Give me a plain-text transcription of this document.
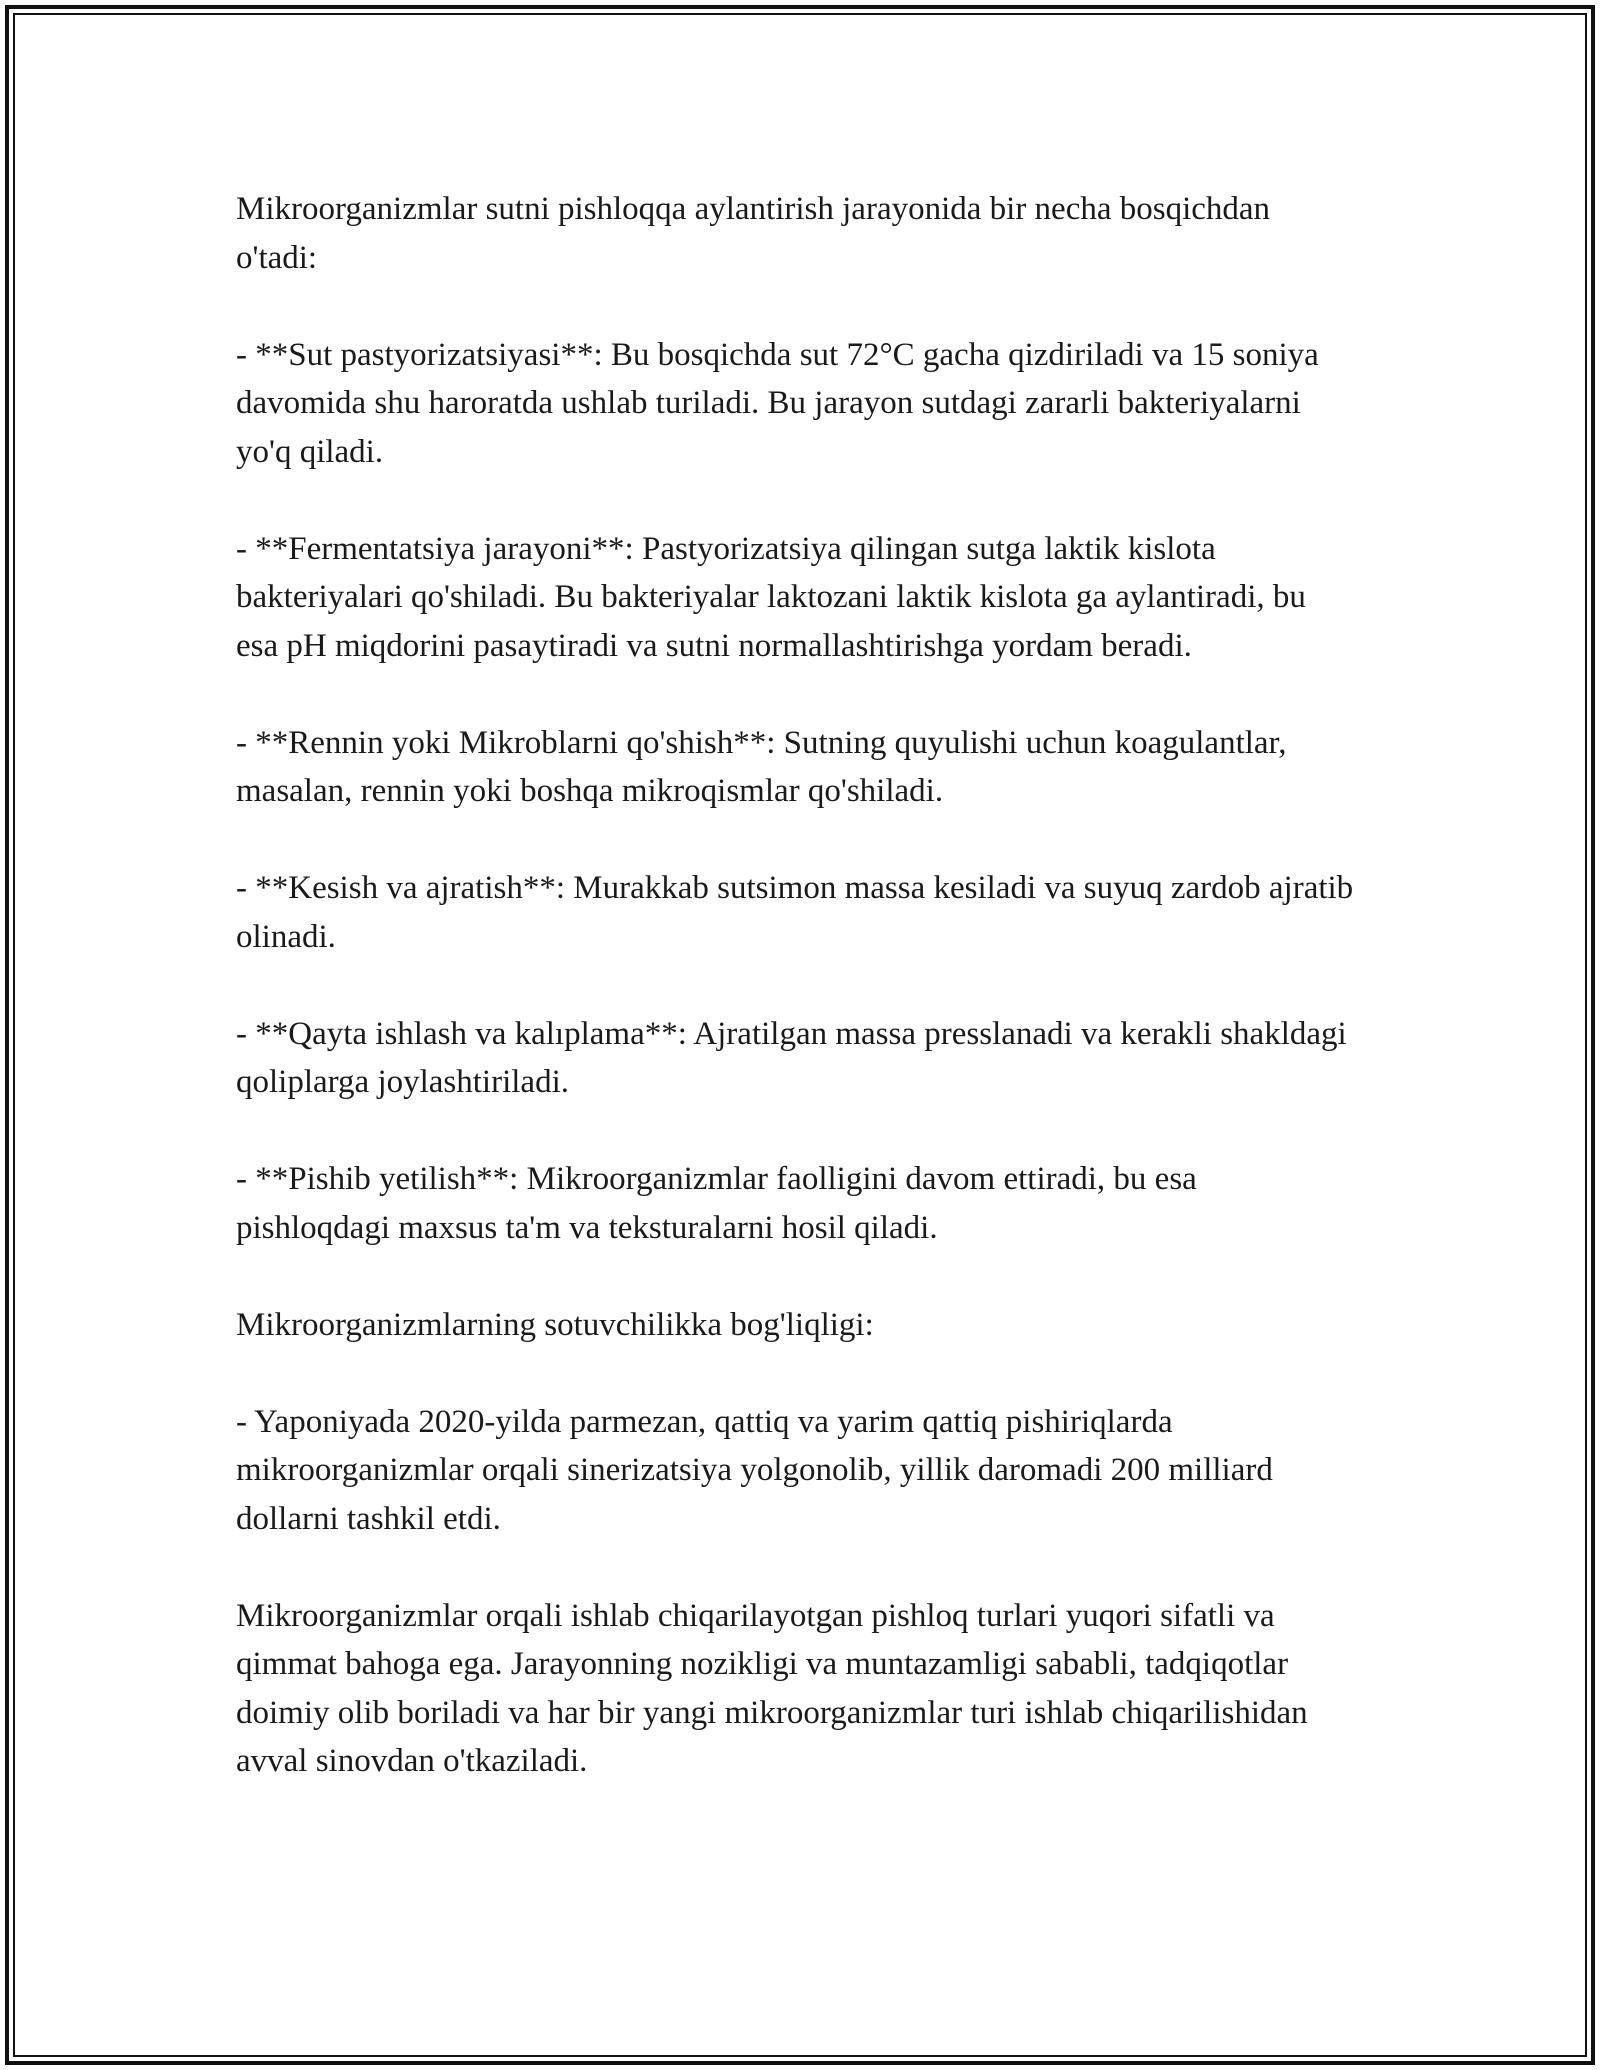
Mikroorganizmlar sutni pishloqqa aylantirish jarayonida bir necha bosqichdan o'tadi:

- **Sut pastyorizatsiyasi**: Bu bosqichda sut 72°C gacha qizdiriladi va 15 soniya davomida shu haroratda ushlab turiladi. Bu jarayon sutdagi zararli bakteriyalarni yo'q qiladi.

- **Fermentatsiya jarayoni**: Pastyorizatsiya qilingan sutga laktik kislota bakteriyalari qo'shiladi. Bu bakteriyalar laktozani laktik kislota ga aylantiradi, bu esa pH miqdorini pasaytiradi va sutni normallashtirishga yordam beradi.

- **Rennin yoki Mikroblarni qo'shish**: Sutning quyulishi uchun koagulantlar, masalan, rennin yoki boshqa mikroqismlar qo'shiladi.

- **Kesish va ajratish**: Murakkab sutsimon massa kesiladi va suyuq zardob ajratib olinadi.

- **Qayta ishlash va kalıplama**: Ajratilgan massa presslanadi va kerakli shakldagi qoliplarga joylashtiriladi.

- **Pishib yetilish**: Mikroorganizmlar faolligini davom ettiradi, bu esa pishloqdagi maxsus ta'm va teksturalarni hosil qiladi.

Mikroorganizmlarning sotuvchilikka bog'liqligi:

- Yaponiyada 2020-yilda parmezan, qattiq va yarim qattiq pishiriqlarda mikroorganizmlar orqali sinerizatsiya yolgonolib, yillik daromadi 200 milliard dollarni tashkil etdi.

Mikroorganizmlar orqali ishlab chiqarilayotgan pishloq turlari yuqori sifatli va qimmat bahoga ega. Jarayonning nozikligi va muntazamligi sababli, tadqiqotlar doimiy olib boriladi va har bir yangi mikroorganizmlar turi ishlab chiqarilishidan avval sinovdan o'tkaziladi.
